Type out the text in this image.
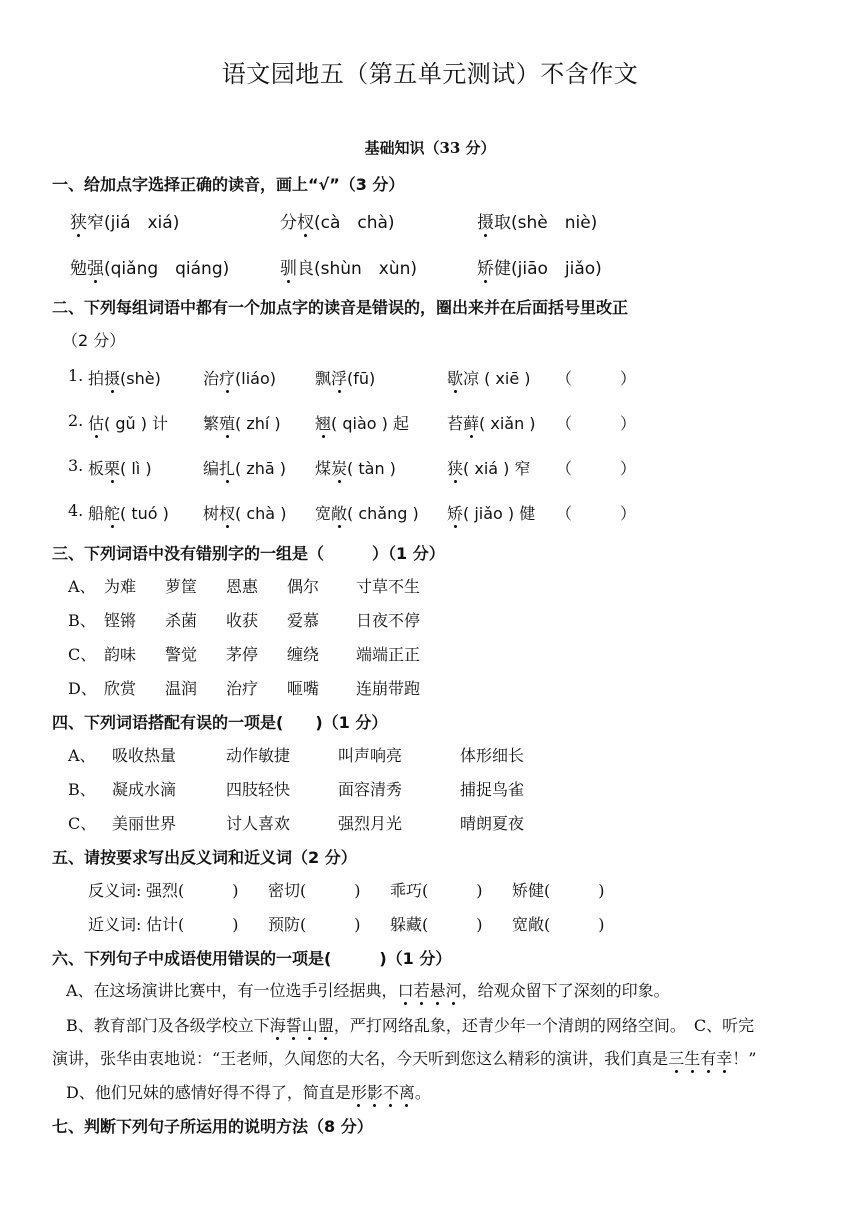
语文园地五（第五单元测试）不含作文
基础知识（33 分）
一、给加点字选择正确的读音，画上“√”（3 分）
狭窄(jiá　xiá)	分杈(cà　chà)	摄取(shè　niè)
勉强(qiǎng　qiáng)	驯良(shùn　xùn)	矫健(jiāo　jiǎo)
二、下列每组词语中都有一个加点字的读音是错误的，圈出来并在后面括号里改正
（2 分）
1. 拍摄(shè)	治疗(liáo) 飘浮(fū)	歇凉 ( xiē ) （　　　）
2. 估( gǔ ) 计 繁殖( zhí ) 翘( qiào ) 起 苔藓( xiǎn ) （　　　）
3. 板栗( lì )	编扎( zhā ) 煤炭( tàn )	狭( xiá ) 窄 （　　　）
4. 船舵( tuó ) 树杈( chà ) 宽敞( chǎng ) 矫( jiǎo ) 健 （　　　）
三、下列词语中没有错别字的一组是（　　　）（1 分）
A、 为难 萝筐 恩惠 偶尔 寸草不生
B、 铿锵 杀菌 收获 爱慕 日夜不停
C、 韵味 警觉 茅停 缠绕 端端正正
D、 欣赏 温润 治疗 咂嘴 连崩带跑
四、下列词语搭配有误的一项是(　　)（1 分）
A、 吸收热量	动作敏捷	叫声响亮	体形细长
B、 凝成水滴	四肢轻快	面容清秀	捕捉鸟雀
C、 美丽世界	讨人喜欢	强烈月光	晴朗夏夜
五、请按要求写出反义词和近义词（2 分）
反义词: 强烈(　　　) 密切(　　　) 乖巧(　　　) 矫健(　　　)
近义词: 估计(　　　) 预防(　　　) 躲藏(　　　) 宽敞(　　　)
六、下列句子中成语使用错误的一项是(　　　)（1 分）
A、在这场演讲比赛中，有一位选手引经据典，口若悬河，给观众留下了深刻的印象。
B、教育部门及各级学校立下海誓山盟，严打网络乱象，还青少年一个清朗的网络空间。　C、听完
演讲，张华由衷地说：“王老师，久闻您的大名，今天听到您这么精彩的演讲，我们真是三生有幸！”
D、他们兄妹的感情好得不得了，简直是形影不离。
七、判断下列句子所运用的说明方法（8 分）
